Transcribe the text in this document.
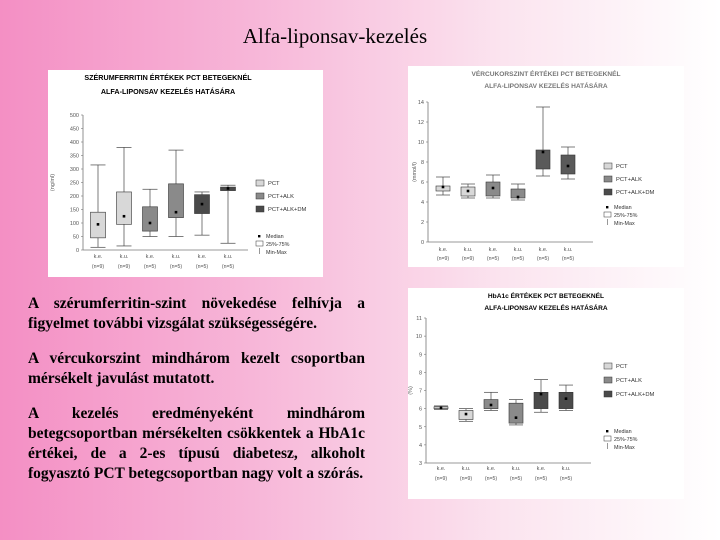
Alfa-liponsav-kezelés
SZÉRUMFERRITIN ÉRTÉKEK PCT BETEGEKNÉL
ALFA-LIPONSAV KEZELÉS HATÁSÁRA
0
50
100
150
200
250
300
350
400
450
500
(ng/ml)
k.e.
(n=9)
k.u.
(n=9)
k.e.
(n=5)
k.u.
(n=5)
k.e.
(n=5)
k.u.
(n=5)
PCT
PCT+ALK
PCT+ALK+DM
Median
25%-75%
Min-Max
VÉRCUKORSZINT ÉRTÉKEI PCT BETEGEKNÉL
ALFA-LIPONSAV KEZELÉS HATÁSÁRA
0
2
4
6
8
10
12
14
(mmol/l)
k.e.
(n=9)
k.u.
(n=9)
k.e.
(n=5)
k.u.
(n=5)
k.e.
(n=5)
k.u.
(n=5)
PCT
PCT+ALK
PCT+ALK+DM
Median
25%-75%
Min-Max
HbA1c ÉRTÉKEK PCT BETEGEKNÉL
ALFA-LIPONSAV KEZELÉS HATÁSÁRA
3
4
5
6
7
8
9
10
11
(%)
k.e.
(n=9)
k.u.
(n=9)
k.e.
(n=5)
k.u.
(n=5)
k.e.
(n=5)
k.u.
(n=5)
PCT
PCT+ALK
PCT+ALK+DM
Median
25%-75%
Min-Max

A szérumferritin-szint növekedése felhívja a figyelmet további vizsgálat szükségességére.

A vércukorszint mindhárom kezelt csoportban mérsékelt javulást mutatott.

A kezelés eredményeként mindhárom betegcsoportban mérsékelten csökkentek a HbA1c értékei, de a 2-es típusú diabetesz, alkoholt fogyasztó PCT betegcsoportban nagy volt a szórás.
